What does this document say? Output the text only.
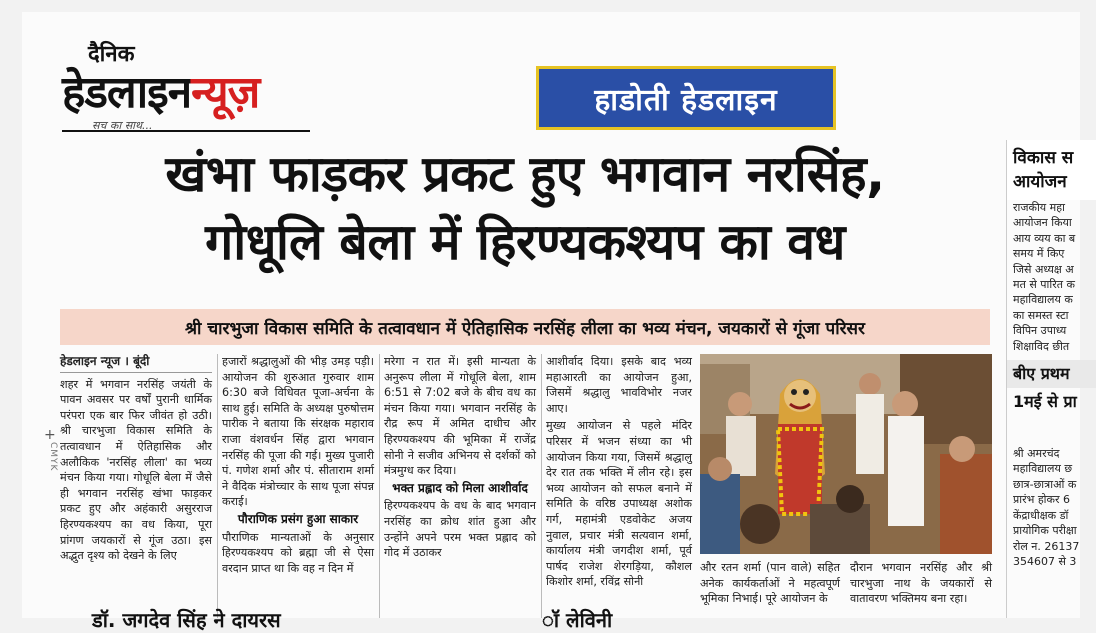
दैनिक
हेडलाइनन्यूज़
सच का साथ...
हाडोती हेडलाइन
खंभा फाड़कर प्रकट हुए भगवान नरसिंह,
गोधूलि बेला में हिरण्यकश्यप का वध
श्री चारभुजा विकास समिति के तत्वावधान में ऐतिहासिक नरसिंह लीला का भव्य मंचन, जयकारों से गूंजा परिसर
+
CMYK
हेडलाइन न्यूज । बूंदी

शहर में भगवान नरसिंह जयंती के पावन अवसर पर वर्षों पुरानी धार्मिक परंपरा एक बार फिर जीवंत हो उठी। श्री चारभुजा विकास समिति के तत्वावधान में ऐतिहासिक और अलौकिक 'नरसिंह लीला' का भव्य मंचन किया गया। गोधूलि बेला में जैसे ही भगवान नरसिंह खंभा फाड़कर प्रकट हुए और अहंकारी असुरराज हिरण्यकश्यप का वध किया, पूरा प्रांगण जयकारों से गूंज उठा। इस अद्भुत दृश्य को देखने के लिए

हजारों श्रद्धालुओं की भीड़ उमड़ पड़ी। आयोजन की शुरुआत गुरुवार शाम 6:30 बजे विधिवत पूजा-अर्चना के साथ हुई। समिति के अध्यक्ष पुरुषोत्तम पारीक ने बताया कि संरक्षक महाराव राजा वंशवर्धन सिंह द्वारा भगवान नरसिंह की पूजा की गई। मुख्य पुजारी पं. गणेश शर्मा और पं. सीताराम शर्मा ने वैदिक मंत्रोच्चार के साथ पूजा संपन्न कराई।

पौराणिक प्रसंग हुआ साकार

पौराणिक मान्यताओं के अनुसार हिरण्यकश्यप को ब्रह्मा जी से ऐसा वरदान प्राप्त था कि वह न दिन में

मरेगा न रात में। इसी मान्यता के अनुरूप लीला में गोधूलि बेला, शाम 6:51 से 7:02 बजे के बीच वध का मंचन किया गया। भगवान नरसिंह के रौद्र रूप में अमित दाधीच और हिरण्यकश्यप की भूमिका में राजेंद्र सोनी ने सजीव अभिनय से दर्शकों को मंत्रमुग्ध कर दिया।

भक्त प्रह्लाद को मिला आशीर्वाद

हिरण्यकश्यप के वध के बाद भगवान नरसिंह का क्रोध शांत हुआ और उन्होंने अपने परम भक्त प्रह्लाद को गोद में उठाकर

आशीर्वाद दिया। इसके बाद भव्य महाआरती का आयोजन हुआ, जिसमें श्रद्धालु भावविभोर नजर आए।

मुख्य आयोजन से पहले मंदिर परिसर में भजन संध्या का भी आयोजन किया गया, जिसमें श्रद्धालु देर रात तक भक्ति में लीन रहे। इस भव्य आयोजन को सफल बनाने में समिति के वरिष्ठ उपाध्यक्ष अशोक गर्ग, महामंत्री एडवोकेट अजय नुवाल, प्रचार मंत्री सत्यवान शर्मा, कार्यालय मंत्री जगदीश शर्मा, पूर्व पार्षद राजेश शेरगड़िया, कौशल किशोर शर्मा, रविंद्र सोनी

और रतन शर्मा (पान वाले) सहित अनेक कार्यकर्ताओं ने महत्वपूर्ण भूमिका निभाई। पूरे आयोजन के
दौरान भगवान नरसिंह और श्री चारभुजा नाथ के जयकारों से वातावरण भक्तिमय बना रहा।
विकास स
आयोजन
राजकीय महा
आयोजन किया
आय व्यय का ब
समय में किए
जिसे अध्यक्ष अ
मत से पारित क
महाविद्यालय क
का समस्त स्टा
विपिन उपाध्य
शिक्षाविद छीत
बीए प्रथम
1मई से प्रा
श्री अमरचंद
महाविद्यालय छ
छात्र-छात्राओं क
प्रारंभ होकर 6
केंद्राधीक्षक डॉ
प्रायोगिक परीक्षा
रोल न. 26137
354607 से 3
डॉ. जगदेव सिंह ने दायरस	ॉ लेविनी
